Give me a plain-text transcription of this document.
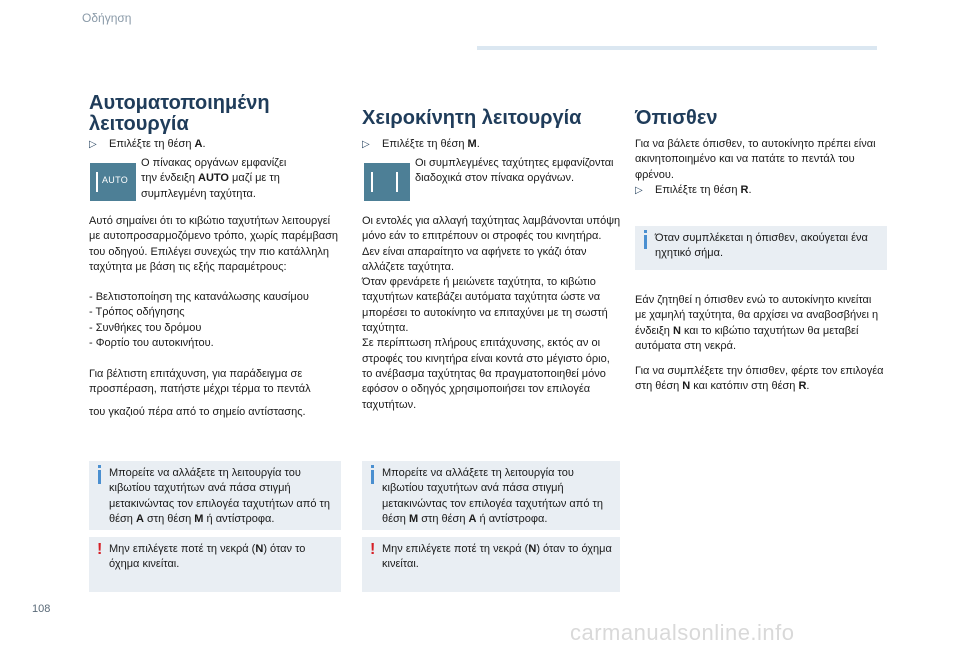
Οδήγηση
Αυτοματοποιημένη λειτουργία
▷ Επιλέξτε τη θέση A.
AUTO

Ο πίνακας οργάνων εμφανίζει
την ένδειξη AUTO μαζί με τη
συμπλεγμένη ταχύτητα.

Αυτό σημαίνει ότι το κιβώτιο ταχυτήτων λειτουργεί με αυτοπροσαρμοζόμενο τρόπο, χωρίς παρέμβαση του οδηγού. Επιλέγει συνεχώς την πιο κατάλληλη ταχύτητα με βάση τις εξής παραμέτρους:

- Βελτιστοποίηση της κατανάλωσης καυσίμου

- Τρόπος οδήγησης

- Συνθήκες του δρόμου

- Φορτίο του αυτοκινήτου.

Για βέλτιστη επιτάχυνση, για παράδειγμα σε προσπέραση, πατήστε μέχρι τέρμα το πεντάλ

του γκαζιού πέρα από το σημείο αντίστασης.

Μπορείτε να αλλάξετε τη λειτουργία του κιβωτίου ταχυτήτων ανά πάσα στιγμή μετακινώντας τον επιλογέα ταχυτήτων από τη θέση A στη θέση M ή αντίστροφα.
! Μην επιλέγετε ποτέ τη νεκρά (N) όταν το όχημα κινείται.
Χειροκίνητη λειτουργία
▷ Επιλέξτε τη θέση M.

Οι συμπλεγμένες ταχύτητες εμφανίζονται διαδοχικά στον πίνακα οργάνων.

Οι εντολές για αλλαγή ταχύτητας λαμβάνονται υπόψη μόνο εάν το επιτρέπουν οι στροφές του κινητήρα.

Δεν είναι απαραίτητο να αφήνετε το γκάζι όταν αλλάζετε ταχύτητα.

Όταν φρενάρετε ή μειώνετε ταχύτητα, το κιβώτιο ταχυτήτων κατεβάζει αυτόματα ταχύτητα ώστε να μπορέσει το αυτοκίνητο να επιταχύνει με τη σωστή ταχύτητα.

Σε περίπτωση πλήρους επιτάχυνσης, εκτός αν οι στροφές του κινητήρα είναι κοντά στο μέγιστο όριο, το ανέβασμα ταχύτητας θα πραγματοποιηθεί μόνο εφόσον ο οδηγός χρησιμοποιήσει τον επιλογέα ταχυτήτων.

Μπορείτε να αλλάξετε τη λειτουργία του κιβωτίου ταχυτήτων ανά πάσα στιγμή μετακινώντας τον επιλογέα ταχυτήτων από τη θέση M στη θέση A ή αντίστροφα.
! Μην επιλέγετε ποτέ τη νεκρά (N) όταν το όχημα κινείται.
Όπισθεν

Για να βάλετε όπισθεν, το αυτοκίνητο πρέπει είναι ακινητοποιημένο και να πατάτε το πεντάλ του φρένου.

▷ Επιλέξτε τη θέση R.
Όταν συμπλέκεται η όπισθεν, ακούγεται ένα ηχητικό σήμα.

Εάν ζητηθεί η όπισθεν ενώ το αυτοκίνητο κινείται με χαμηλή ταχύτητα, θα αρχίσει να αναβοσβήνει η ένδειξη N και το κιβώτιο ταχυτήτων θα μεταβεί αυτόματα στη νεκρά.

Για να συμπλέξετε την όπισθεν, φέρτε τον επιλογέα στη θέση N και κατόπιν στη θέση R.

108
carmanualsonline.info
